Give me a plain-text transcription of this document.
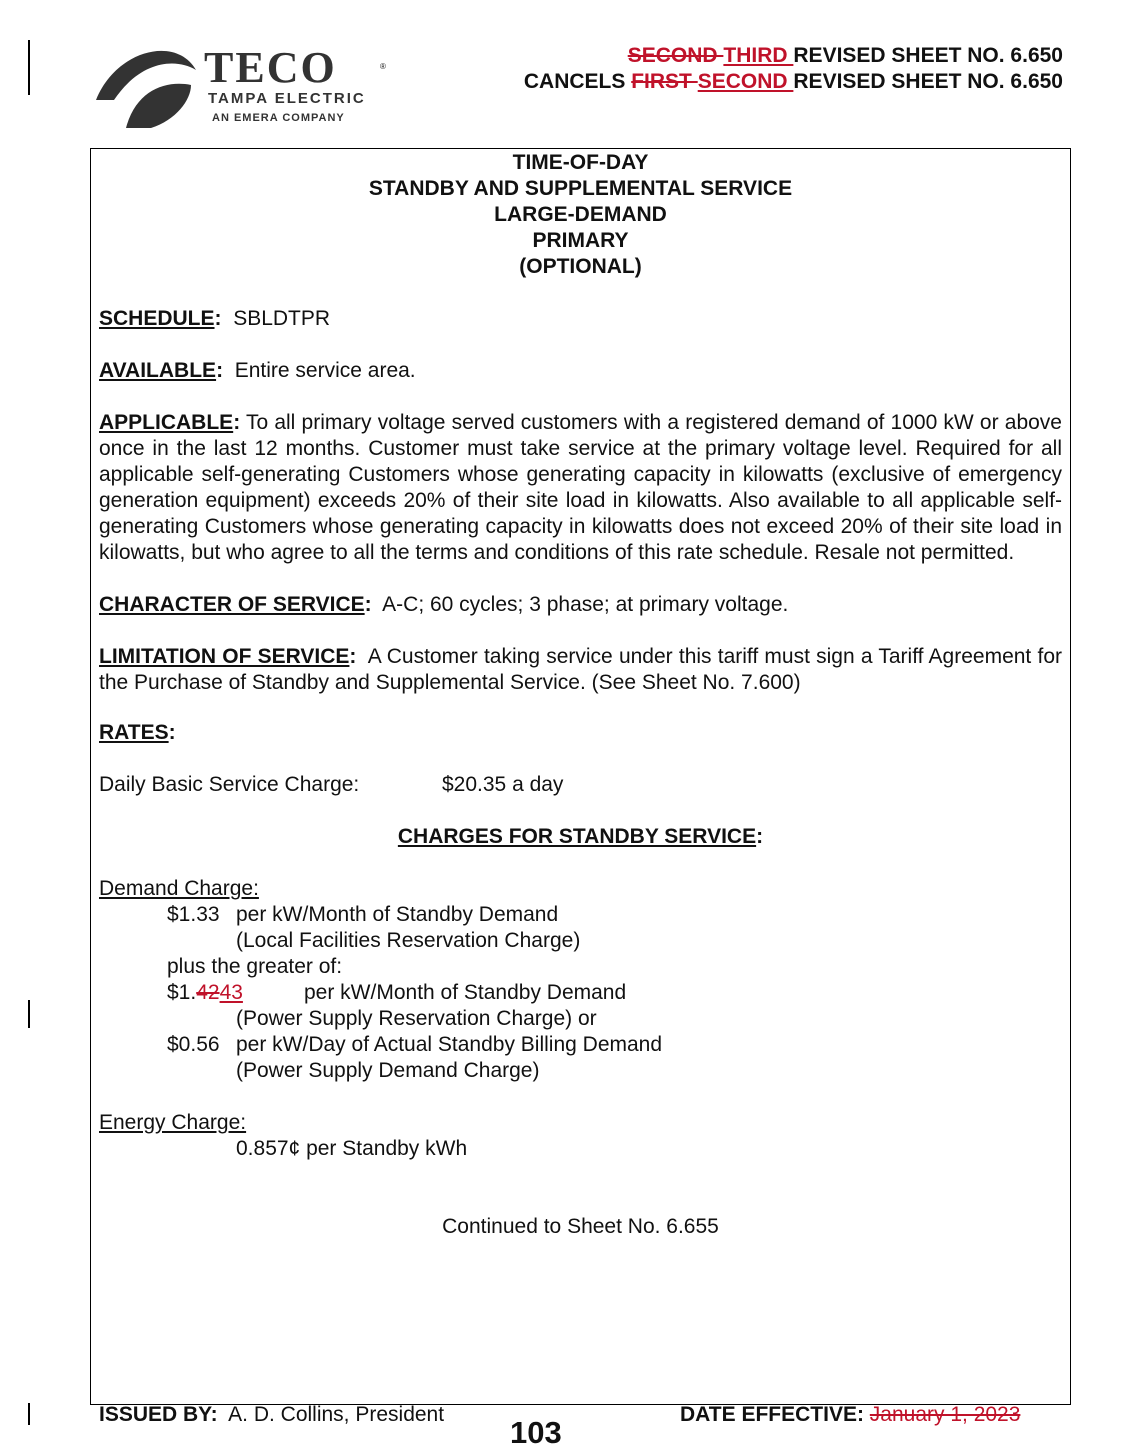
TECO	®
TAMPA ELECTRIC
AN EMERA COMPANY
SECOND THIRD REVISED SHEET NO. 6.650
CANCELS FIRST SECOND REVISED SHEET NO. 6.650
TIME-OF-DAY
STANDBY AND SUPPLEMENTAL SERVICE
LARGE-DEMAND
PRIMARY
(OPTIONAL)
SCHEDULE: SBLDTPR
AVAILABLE: Entire service area.
APPLICABLE: To all primary voltage served customers with a registered demand of 1000 kW or above once in the last 12 months. Customer must take service at the primary voltage level. Required for all applicable self-generating Customers whose generating capacity in kilowatts (exclusive of emergency generation equipment) exceeds 20% of their site load in kilowatts. Also available to all applicable self-generating Customers whose generating capacity in kilowatts does not exceed 20% of their site load in kilowatts, but who agree to all the terms and conditions of this rate schedule. Resale not permitted.
CHARACTER OF SERVICE: A-C; 60 cycles; 3 phase; at primary voltage.
LIMITATION OF SERVICE: A Customer taking service under this tariff must sign a Tariff Agreement for the Purchase of Standby and Supplemental Service. (See Sheet No. 7.600)
RATES:
Daily Basic Service Charge:	$20.35 a day
CHARGES FOR STANDBY SERVICE:
Demand Charge:
$1.33 per kW/Month of Standby Demand
(Local Facilities Reservation Charge)
plus the greater of:
$1.4243	per kW/Month of Standby Demand
(Power Supply Reservation Charge) or
$0.56 per kW/Day of Actual Standby Billing Demand
(Power Supply Demand Charge)
Energy Charge:
0.857¢ per Standby kWh
Continued to Sheet No. 6.655
ISSUED BY: A. D. Collins, President
103
DATE EFFECTIVE: January 1, 2023
